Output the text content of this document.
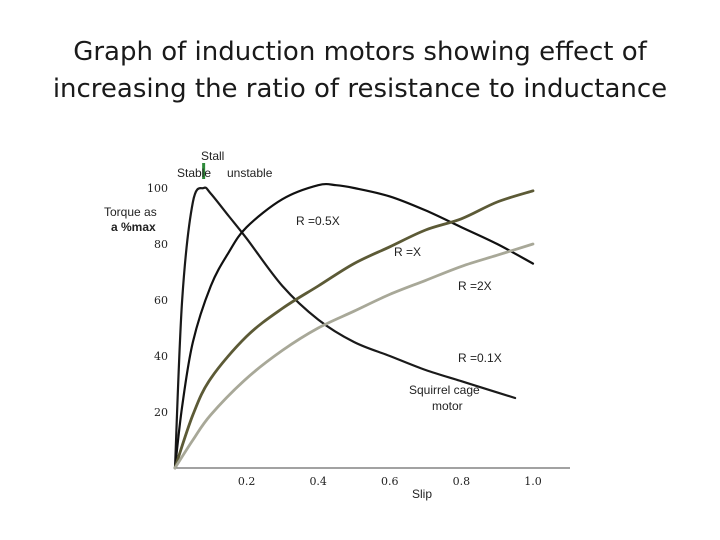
Graph of induction motors showing effect of
increasing the ratio of resistance to inductance
0.2	0.4	0.6	0.8	1.0
20
40
60
80
100
Torque as
a %max
Slip
Stall
Stable unstable
R =0.5X
R =X
R =2X
R =0.1X
Squirrel cage
motor
